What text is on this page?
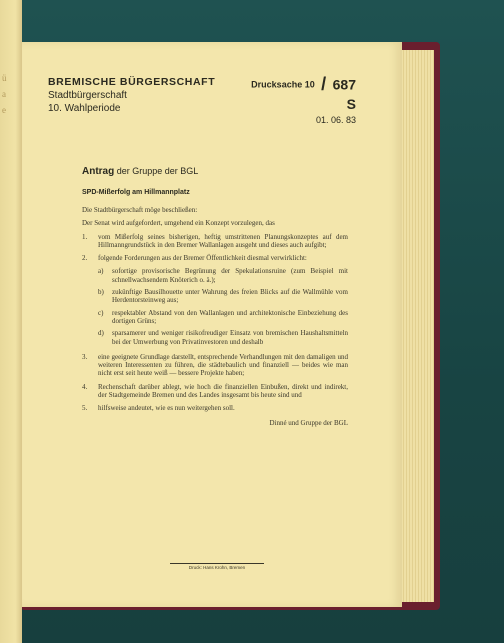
ü
a
e
BREMISCHE BÜRGERSCHAFT
Stadtbürgerschaft
10. Wahlperiode
Drucksache 10 / 687 S
01. 06. 83
Antrag der Gruppe der BGL
SPD-Mißerfolg am Hillmannplatz

Die Stadtbürgerschaft möge beschließen:

Der Senat wird aufgefordert, umgehend ein Konzept vorzulegen, das

1. vom Mißerfolg seines bisherigen, heftig umstrittenen Planungskonzeptes auf dem Hillmanngrundstück in den Bremer Wallanlagen ausgeht und dieses auch aufgibt;
2. folgende Forderungen aus der Bremer Öffentlichkeit diesmal verwirklicht:
a) sofortige provisorische Begrünung der Spekulationsruine (zum Beispiel mit schnellwachsendem Knöterich o. ä.);
b) zukünftige Bausilhouette unter Wahrung des freien Blicks auf die Wallmühle vom Herdentorsteinweg aus;
c) respektabler Abstand von den Wallanlagen und architektonische Einbeziehung des dortigen Grüns;
d) sparsamerer und weniger risikofreudiger Einsatz von bremischen Haushaltsmitteln bei der Umwerbung von Privatinvestoren und deshalb
3. eine geeignete Grundlage darstellt, entsprechende Verhandlungen mit den damaligen und weiteren Interessenten zu führen, die städtebaulich und finanziell — beides wie man nicht erst seit heute weiß — bessere Projekte haben;
4. Rechenschaft darüber ablegt, wie hoch die finanziellen Einbußen, direkt und indirekt, der Stadtgemeinde Bremen und des Landes insgesamt bis heute sind und
5. hilfsweise andeutet, wie es nun weitergehen soll.
Dinné und Gruppe der BGL
Druck: Hans Krohn, Bremen
